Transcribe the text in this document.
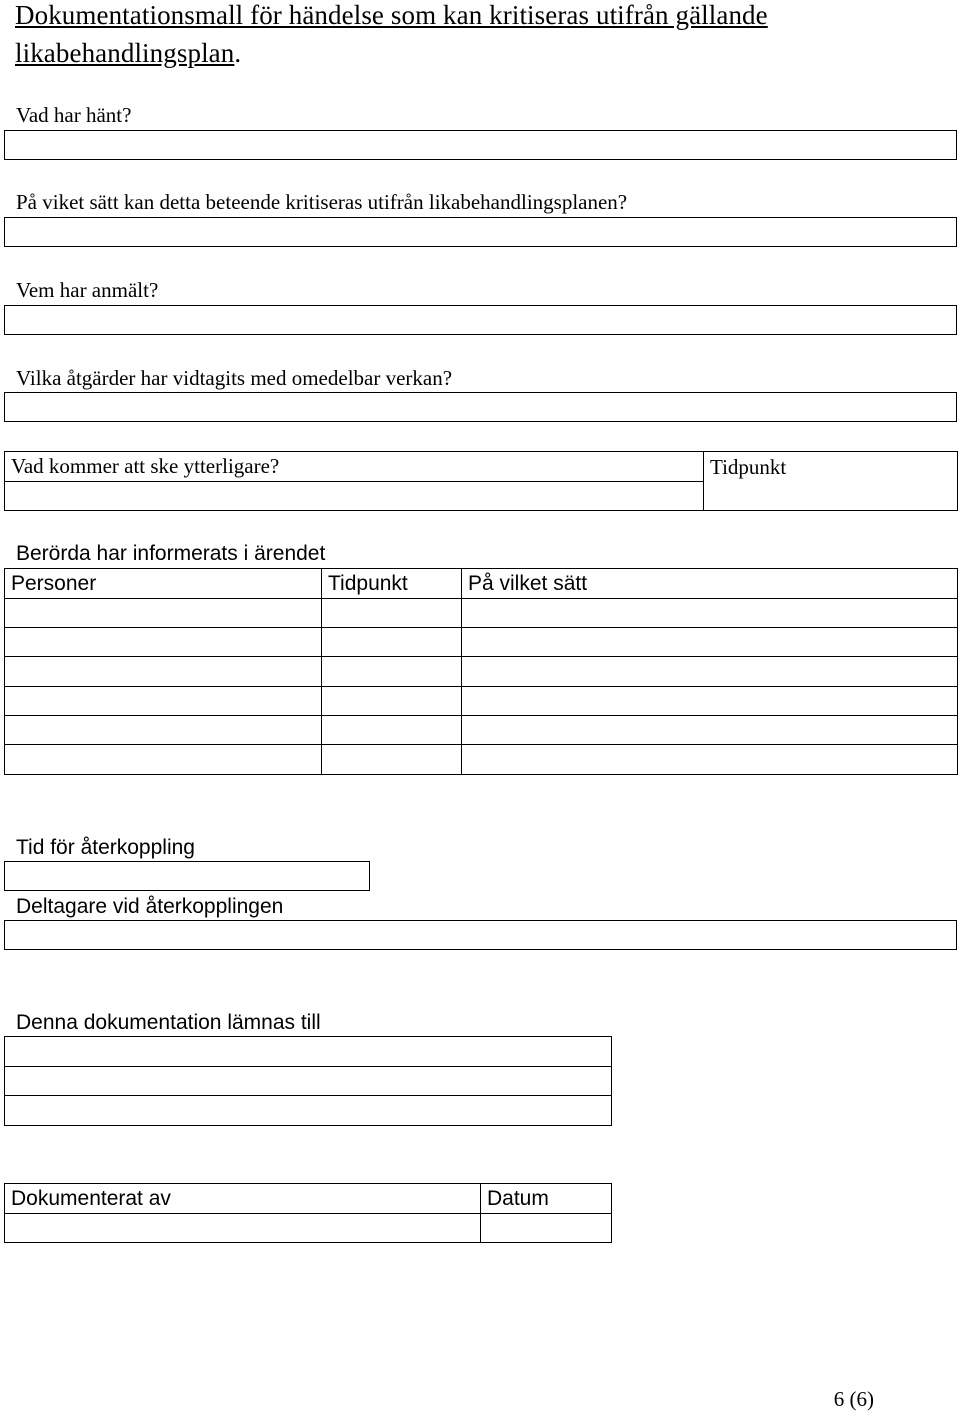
Dokumentationsmall för händelse som kan kritiseras utifrån gällande likabehandlingsplan.
Vad har hänt?
På viket sätt kan detta beteende kritiseras utifrån likabehandlingsplanen?
Vem har anmält?
Vilka åtgärder har vidtagits med omedelbar verkan?
Vad kommer att ske ytterligare?	Tidpunkt

Berörda har informerats i ärendet
Personer	Tidpunkt	På vilket sätt

Tid för återkoppling
Deltagare vid återkopplingen
Denna dokumentation lämnas till

Dokumenterat av	Datum

6 (6)
